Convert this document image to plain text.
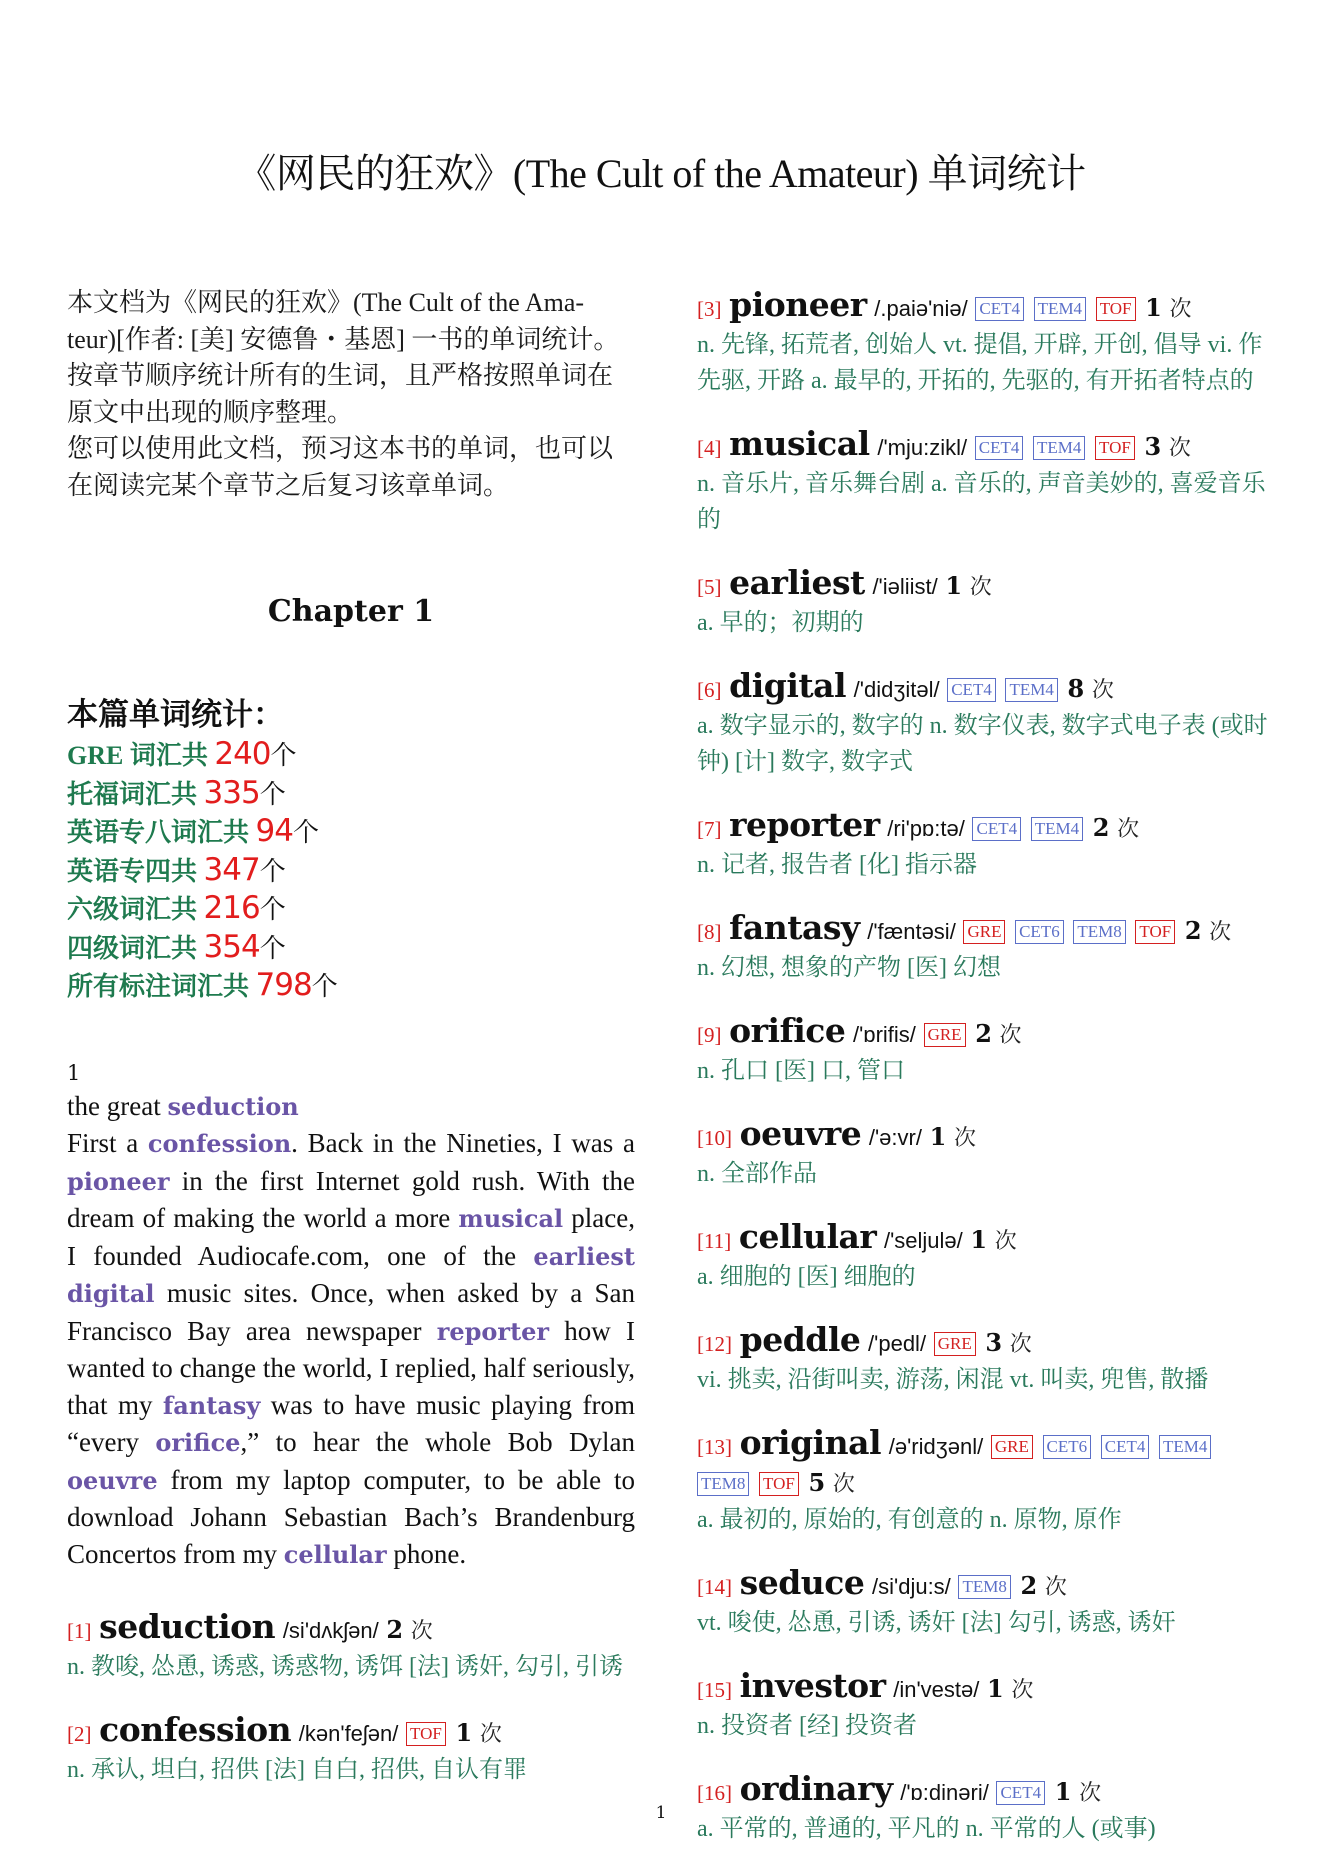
《网民的狂欢》(The Cult of the Amateur) 单词统计
本文档为《网民的狂欢》(The Cult of the Ama-
teur)[作者: [美] 安德鲁・基恩] 一书的单词统计。
按章节顺序统计所有的生词，且严格按照单词在
原文中出现的顺序整理。
您可以使用此文档，预习这本书的单词，也可以
在阅读完某个章节之后复习该章单词。
Chapter 1
本篇单词统计：
GRE 词汇共 240个
托福词汇共 335个
英语专八词汇共 94个
英语专四共 347个
六级词汇共 216个
四级词汇共 354个
所有标注词汇共 798个
1
the great seduction
First a confession. Back in the Nineties, I was a pioneer in the first Internet gold rush. With the dream of making the world a more musical place, I founded Audiocafe.com, one of the earliest digital music sites. Once, when asked by a San Francisco Bay area newspaper reporter how I wanted to change the world, I replied, half seriously, that my fantasy was to have music playing from “every orifice,” to hear the whole Bob Dylan oeuvre from my laptop computer, to be able to download Johann Sebastian Bach’s Brandenburg Concertos from my cellular phone.
[1] seduction /si'dʌkʃən/ 2 次
n. 教唆, 怂恿, 诱惑, 诱惑物, 诱饵 [法] 诱奸, 勾引, 引诱
[2] confession /kən'feʃən/ TOF 1 次
n. 承认, 坦白, 招供 [法] 自白, 招供, 自认有罪
[3] pioneer /.paiə'niə/ CET4 TEM4 TOF 1 次
n. 先锋, 拓荒者, 创始人 vt. 提倡, 开辟, 开创, 倡导 vi. 作先驱, 开路 a. 最早的, 开拓的, 先驱的, 有开拓者特点的
[4] musical /'mju:zikl/ CET4 TEM4 TOF 3 次
n. 音乐片, 音乐舞台剧 a. 音乐的, 声音美妙的, 喜爱音乐的
[5] earliest /'iəliist/ 1 次
a. 早的；初期的
[6] digital /'didʒitəl/ CET4 TEM4 8 次
a. 数字显示的, 数字的 n. 数字仪表, 数字式电子表 (或时钟) [计] 数字, 数字式
[7] reporter /ri'pɒ:tə/ CET4 TEM4 2 次
n. 记者, 报告者 [化] 指示器
[8] fantasy /'fæntəsi/ GRE CET6 TEM8 TOF 2 次
n. 幻想, 想象的产物 [医] 幻想
[9] orifice /'ɒrifis/ GRE 2 次
n. 孔口 [医] 口, 管口
[10] oeuvre /'ə:vr/ 1 次
n. 全部作品
[11] cellular /'seljulə/ 1 次
a. 细胞的 [医] 细胞的
[12] peddle /'pedl/ GRE 3 次
vi. 挑卖, 沿街叫卖, 游荡, 闲混 vt. 叫卖, 兜售, 散播
[13] original /ə'ridʒənl/ GRE CET6 CET4 TEM4 TEM8 TOF 5 次
a. 最初的, 原始的, 有创意的 n. 原物, 原作
[14] seduce /si'dju:s/ TEM8 2 次
vt. 唆使, 怂恿, 引诱, 诱奸 [法] 勾引, 诱惑, 诱奸
[15] investor /in'vestə/ 1 次
n. 投资者 [经] 投资者
[16] ordinary /'ɒ:dinəri/ CET4 1 次
a. 平常的, 普通的, 平凡的 n. 平常的人 (或事)
1
